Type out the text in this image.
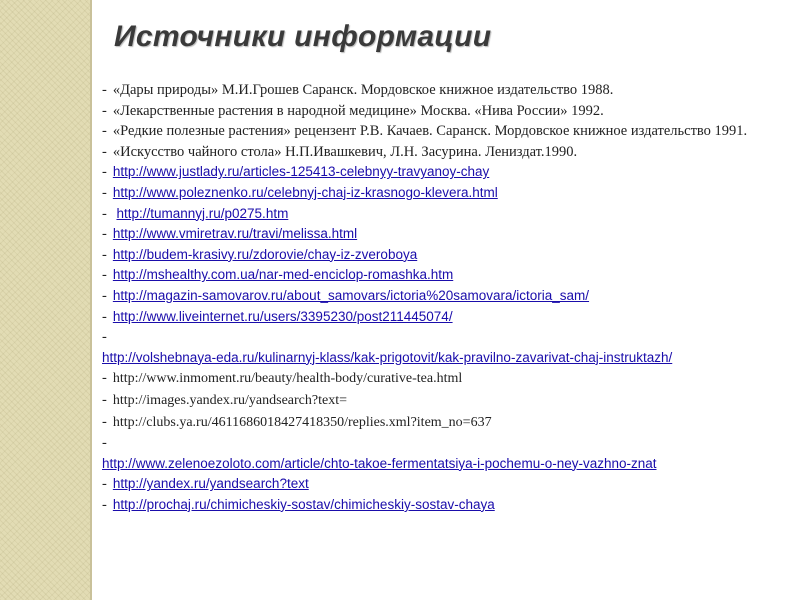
Источники информации
- «Дары природы» М.И.Грошев Саранск. Мордовское книжное издательство 1988.
- «Лекарственные растения в народной медицине» Москва. «Нива России» 1992.
- «Редкие полезные растения» рецензент Р.В. Качаев. Саранск. Мордовское книжное издательство 1991.
- «Искусство чайного стола» Н.П.Ивашкевич, Л.Н. Засурина. Лениздат.1990.
- http://www.justlady.ru/articles-125413-celebnyy-travyanoy-chay
- http://www.poleznenko.ru/celebnyj-chaj-iz-krasnogo-klevera.html
- http://tumannyj.ru/p0275.htm
- http://www.vmiretrav.ru/travi/melissa.html
- http://budem-krasivy.ru/zdorovie/chay-iz-zveroboya
- http://mshealthy.com.ua/nar-med-enciclop-romashka.htm
- http://magazin-samovarov.ru/about_samovars/ictoria%20samovara/ictoria_sam/
- http://www.liveinternet.ru/users/3395230/post211445074/
-
http://volshebnaya-eda.ru/kulinarnyj-klass/kak-prigotovit/kak-pravilno-zavarivat-chaj-instruktazh/
- http://www.inmoment.ru/beauty/health-body/curative-tea.html
- http://images.yandex.ru/yandsearch?text=
- http://clubs.ya.ru/4611686018427418350/replies.xml?item_no=637
-
http://www.zelenoezoloto.com/article/chto-takoe-fermentatsiya-i-pochemu-o-ney-vazhno-znat
- http://yandex.ru/yandsearch?text
- http://prochaj.ru/chimicheskiy-sostav/chimicheskiy-sostav-chaya
